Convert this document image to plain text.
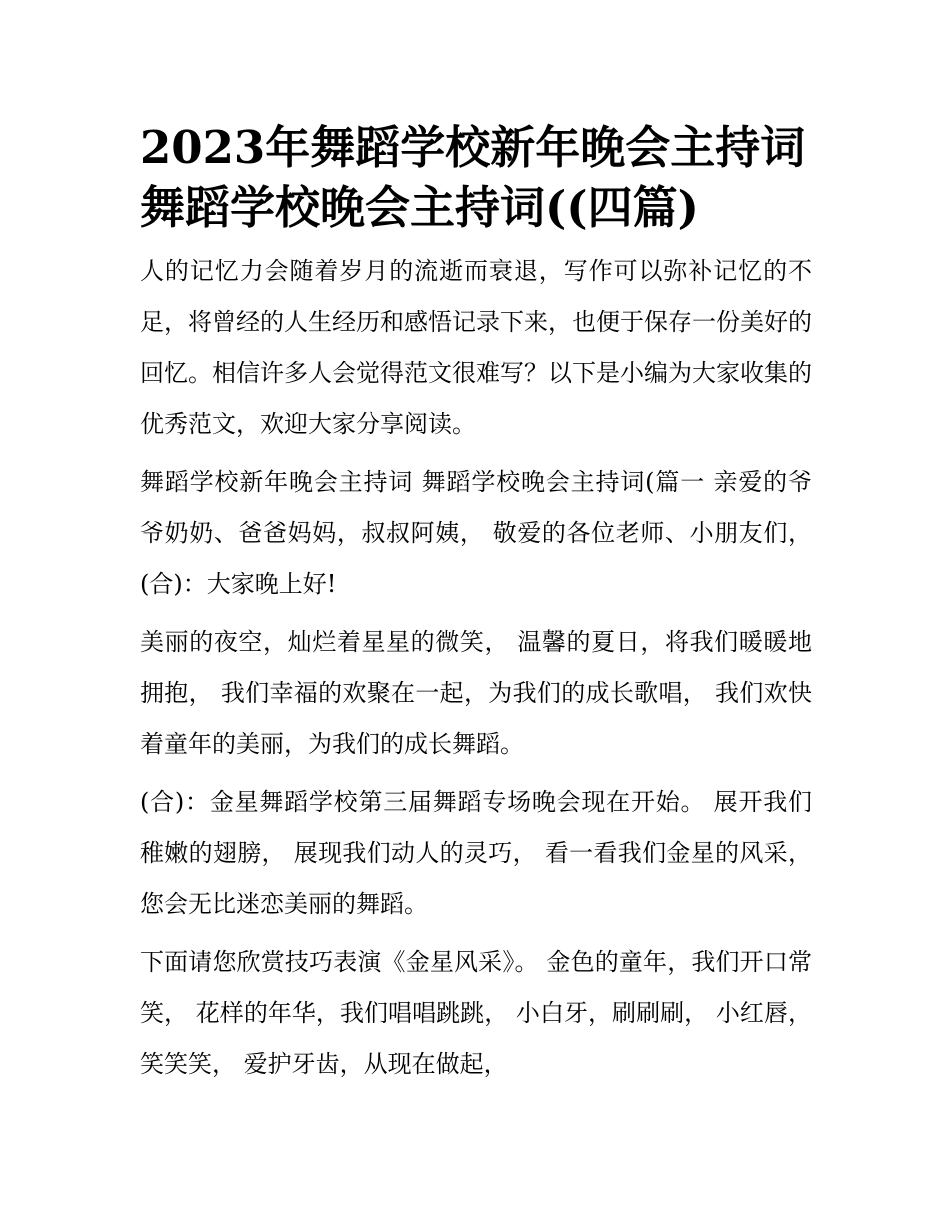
2023年舞蹈学校新年晚会主持词 舞蹈学校晚会主持词((四篇)

人的记忆力会随着岁月的流逝而衰退，写作可以弥补记忆的不足，将曾经的人生经历和感悟记录下来，也便于保存一份美好的回忆。相信许多人会觉得范文很难写？以下是小编为大家收集的优秀范文，欢迎大家分享阅读。

舞蹈学校新年晚会主持词 舞蹈学校晚会主持词(篇一 亲爱的爷爷奶奶、爸爸妈妈，叔叔阿姨， 敬爱的各位老师、小朋友们， (合)：大家晚上好!

美丽的夜空，灿烂着星星的微笑， 温馨的夏日，将我们暖暖地拥抱， 我们幸福的欢聚在一起，为我们的成长歌唱， 我们欢快着童年的美丽，为我们的成长舞蹈。

(合)：金星舞蹈学校第三届舞蹈专场晚会现在开始。 展开我们稚嫩的翅膀， 展现我们动人的灵巧， 看一看我们金星的风采， 您会无比迷恋美丽的舞蹈。

下面请您欣赏技巧表演《金星风采》。 金色的童年，我们开口常笑， 花样的年华，我们唱唱跳跳， 小白牙，刷刷刷， 小红唇，笑笑笑， 爱护牙齿，从现在做起，
